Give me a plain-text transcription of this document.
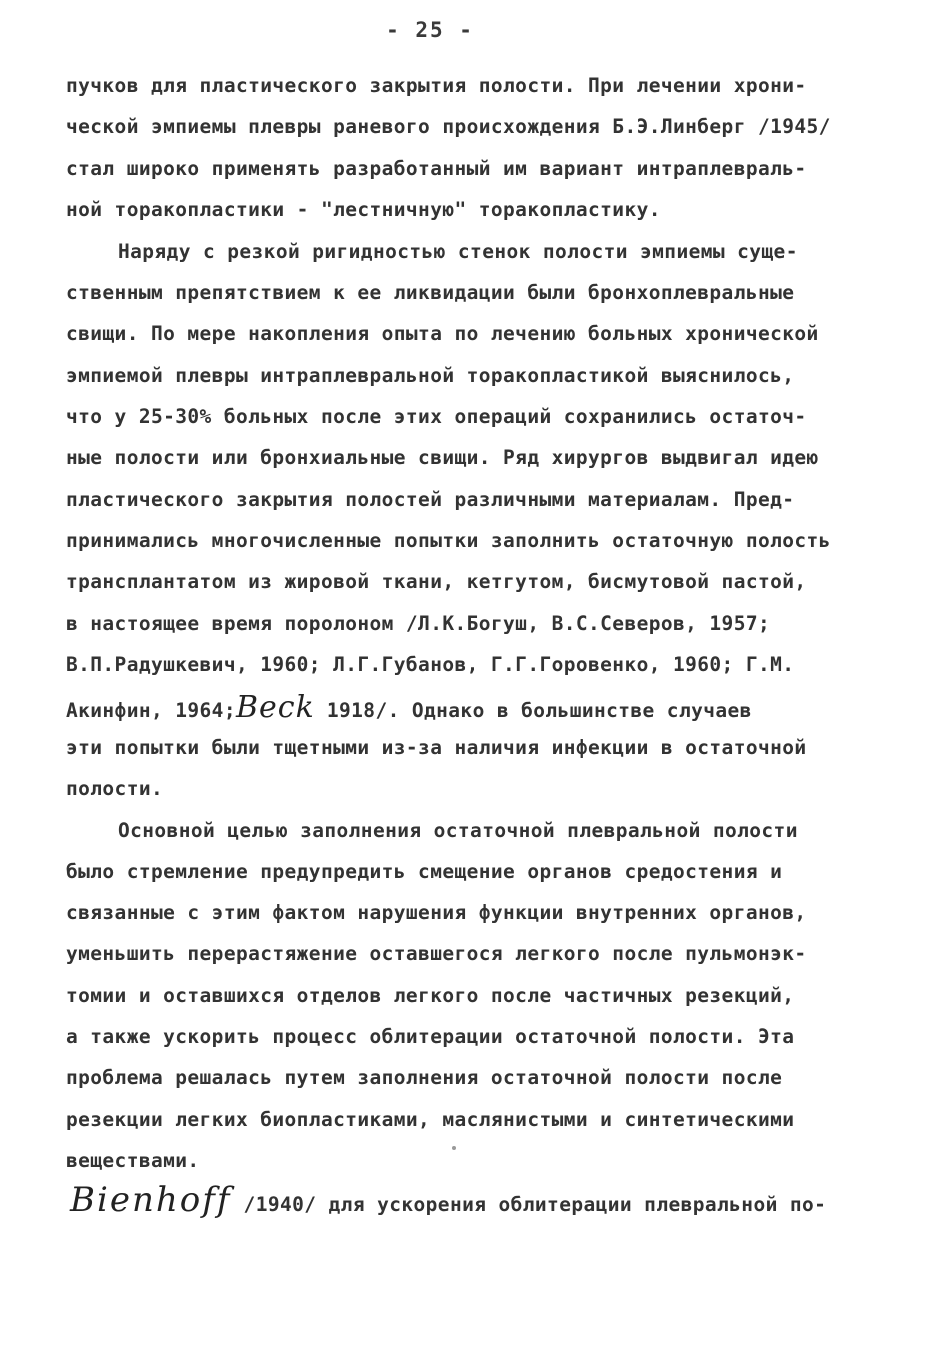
- 25 -
пучков для пластического закрытия полости. При лечении хрони-
ческой эмпиемы плевры раневого происхождения Б.Э.Линберг /1945/
стал широко применять разработанный им вариант интраплевраль-
ной торакопластики - "лестничную" торакопластику.
Наряду с резкой ригидностью стенок полости эмпиемы суще-
ственным препятствием к ее ликвидации были бронхоплевральные
свищи. По мере накопления опыта по лечению больных хронической
эмпиемой плевры интраплевральной торакопластикой выяснилось,
что у 25-30% больных после этих операций сохранились остаточ-
ные полости или бронхиальные свищи. Ряд хирургов выдвигал идею
пластического закрытия полостей различными материалам. Пред-
принимались многочисленные попытки заполнить остаточную полость
трансплантатом из жировой ткани, кетгутом, бисмутовой пастой,
в настоящее время поролоном /Л.К.Богуш, В.С.Северов, 1957;
В.П.Радушкевич, 1960; Л.Г.Губанов, Г.Г.Горовенко, 1960; Г.М.
Акинфин, 1964;Beck 1918/. Однако в большинстве случаев
эти попытки были тщетными из-за наличия инфекции в остаточной
полости.
Основной целью заполнения остаточной плевральной полости
было стремление предупредить смещение органов средостения и
связанные с этим фактом нарушения функции внутренних органов,
уменьшить перерастяжение оставшегося легкого после пульмонэк-
томии и оставшихся отделов легкого после частичных резекций,
а также ускорить процесс облитерации остаточной полости. Эта
проблема решалась путем заполнения остаточной полости после
резекции легких биопластиками, маслянистыми и синтетическими
веществами.
Bienhoff /1940/ для ускорения облитерации плевральной по-
